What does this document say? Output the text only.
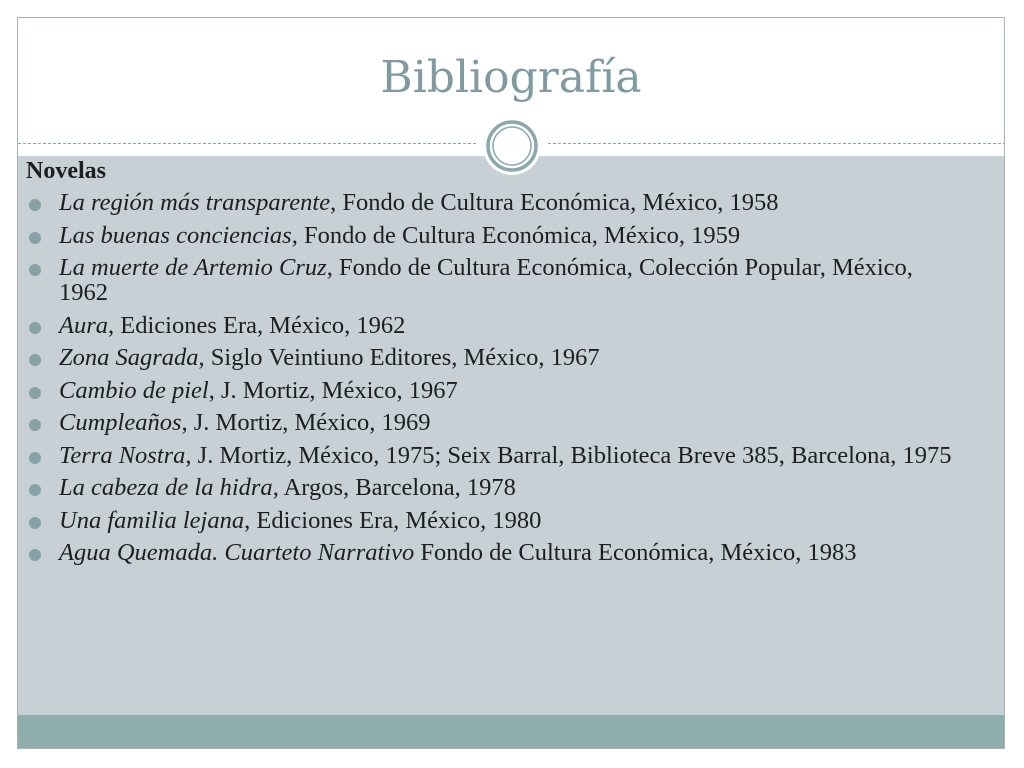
Bibliografía
Novelas
La región más transparente, Fondo de Cultura Económica, México, 1958
Las buenas conciencias, Fondo de Cultura Económica, México, 1959
La muerte de Artemio Cruz, Fondo de Cultura Económica, Colección Popular, México, 1962
Aura, Ediciones Era, México, 1962
Zona Sagrada, Siglo Veintiuno Editores, México, 1967
Cambio de piel, J. Mortiz, México, 1967
Cumpleaños, J. Mortiz, México, 1969
Terra Nostra, J. Mortiz, México, 1975; Seix Barral, Biblioteca Breve 385, Barcelona, 1975
La cabeza de la hidra, Argos, Barcelona, 1978
Una familia lejana, Ediciones Era, México, 1980
Agua Quemada. Cuarteto Narrativo Fondo de Cultura Económica, México, 1983
